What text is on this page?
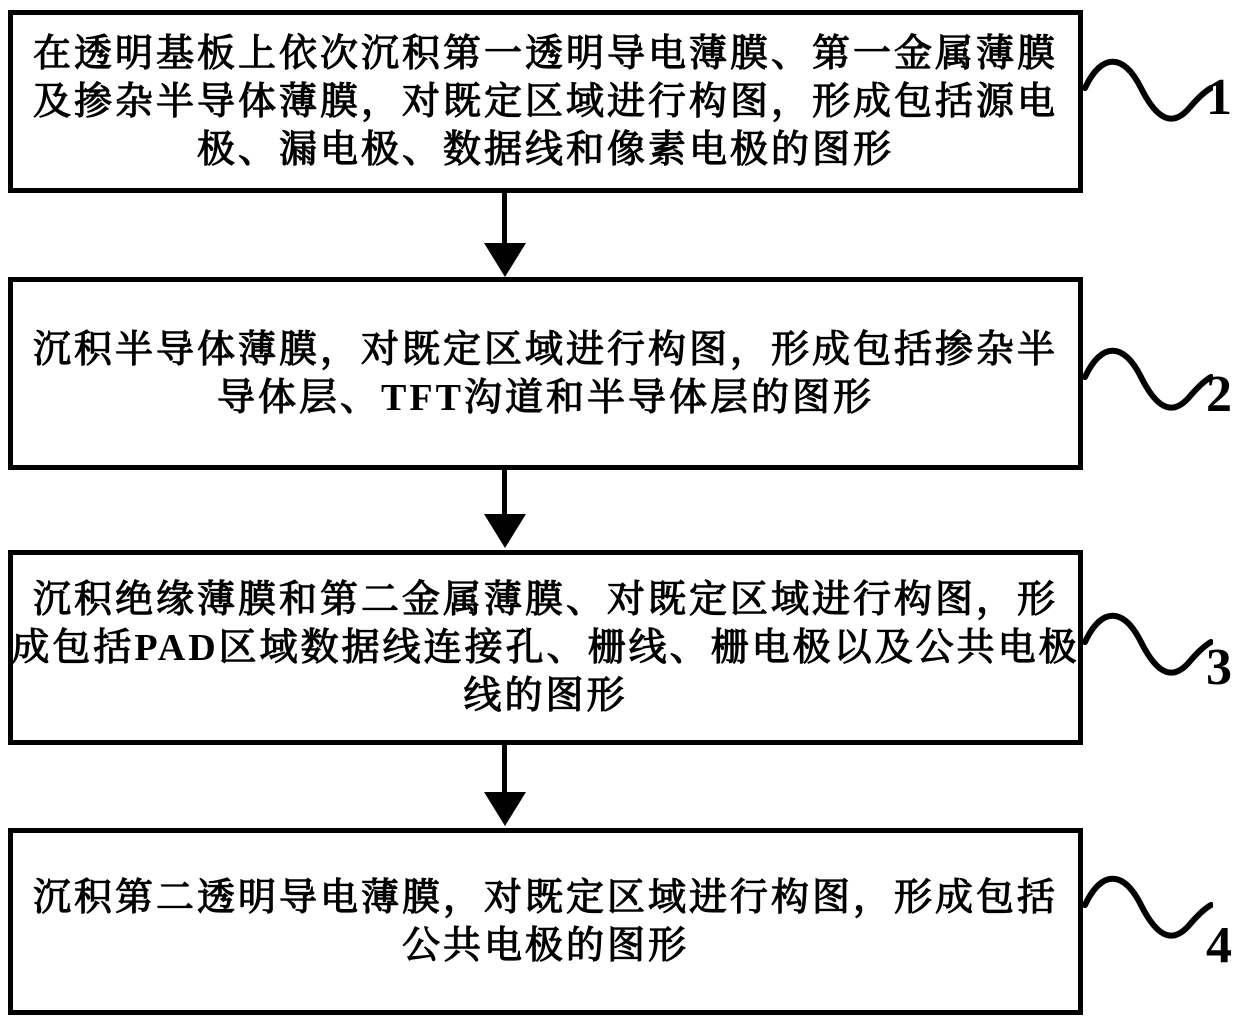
在透明基板上依次沉积第一透明导电薄膜、第一金属薄膜
及掺杂半导体薄膜，对既定区域进行构图，形成包括源电
极、漏电极、数据线和像素电极的图形
沉积半导体薄膜，对既定区域进行构图，形成包括掺杂半
导体层、TFT沟道和半导体层的图形
沉积绝缘薄膜和第二金属薄膜、对既定区域进行构图，形
成包括PAD区域数据线连接孔、栅线、栅电极以及公共电极
线的图形
沉积第二透明导电薄膜，对既定区域进行构图，形成包括
公共电极的图形
1
2
3
4
